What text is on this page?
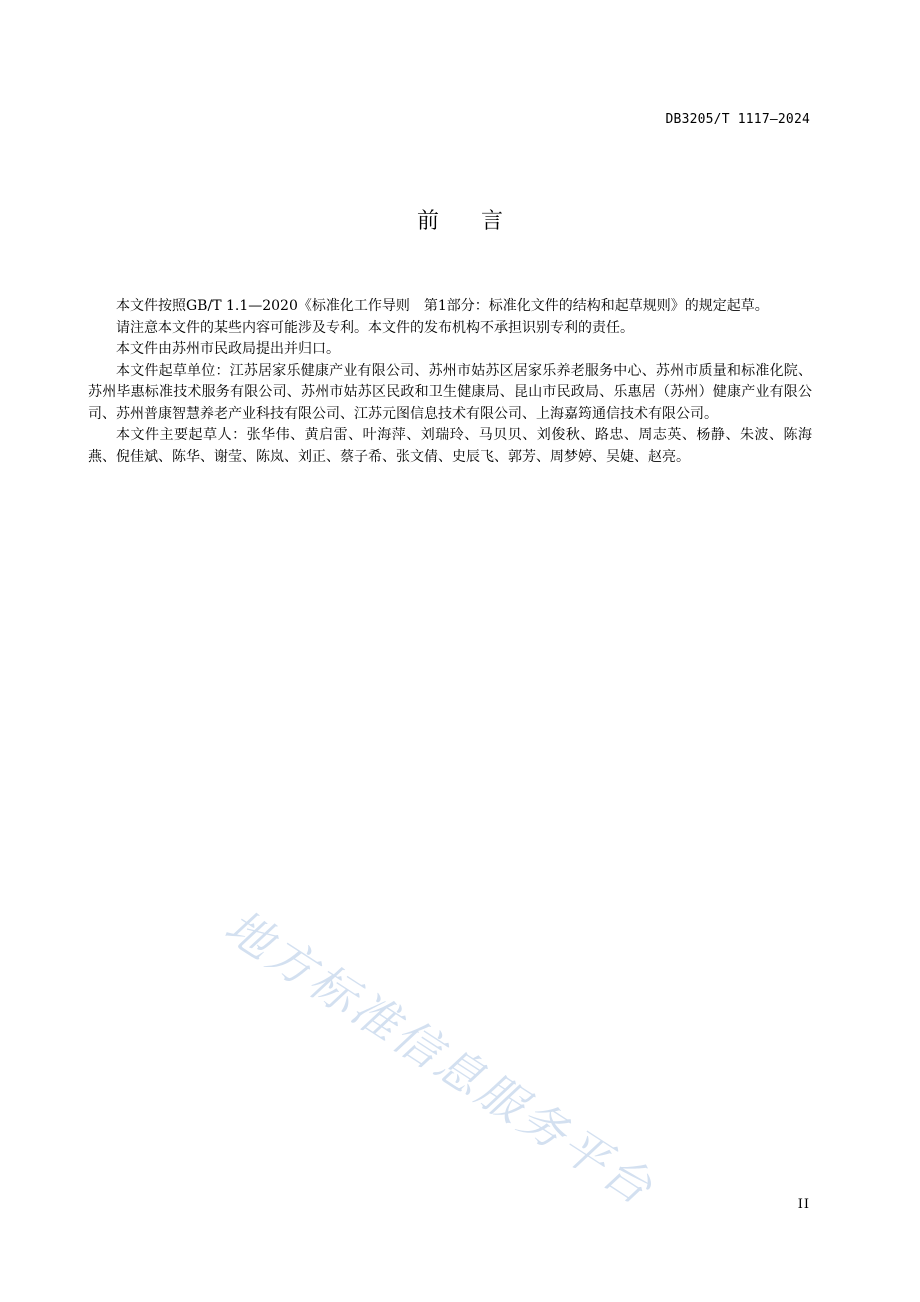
DB3205/T 1117—2024
前言

本文件按照GB/T 1.1—2020《标准化工作导则　第1部分：标准化文件的结构和起草规则》的规定起草。

请注意本文件的某些内容可能涉及专利。本文件的发布机构不承担识别专利的责任。

本文件由苏州市民政局提出并归口。

本文件起草单位：江苏居家乐健康产业有限公司、苏州市姑苏区居家乐养老服务中心、苏州市质量和标准化院、苏州毕惠标准技术服务有限公司、苏州市姑苏区民政和卫生健康局、昆山市民政局、乐惠居（苏州）健康产业有限公司、苏州普康智慧养老产业科技有限公司、江苏元图信息技术有限公司、上海嘉筠通信技术有限公司。

本文件主要起草人：张华伟、黄启雷、叶海萍、刘瑞玲、马贝贝、刘俊秋、路忠、周志英、杨静、朱波、陈海燕、倪佳斌、陈华、谢莹、陈岚、刘正、蔡子希、张文倩、史辰飞、郭芳、周梦婷、吴婕、赵亮。

地方标准信息服务平台	II
